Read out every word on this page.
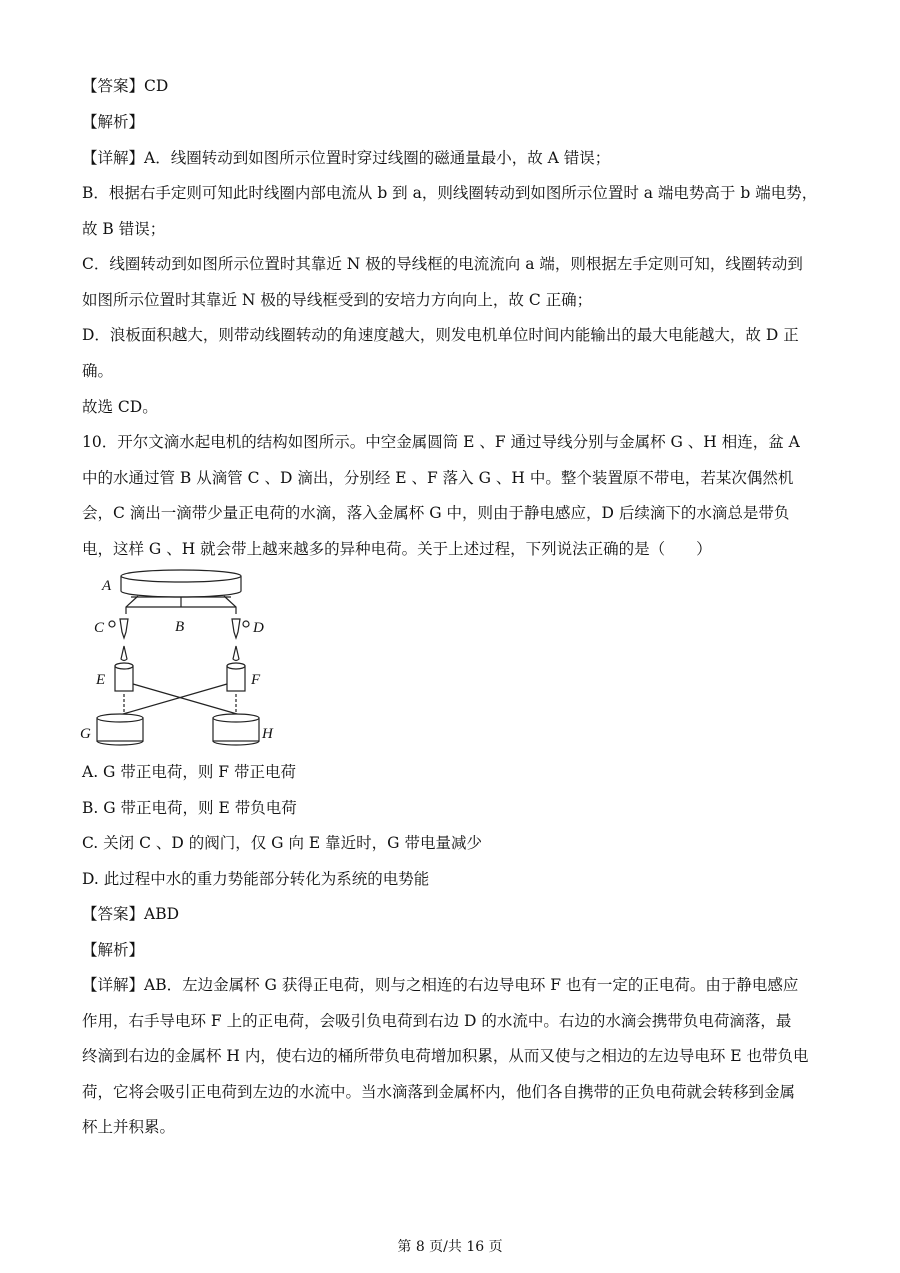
【答案】CD
【解析】
【详解】A．线圈转动到如图所示位置时穿过线圈的磁通量最小，故 A 错误；
B．根据右手定则可知此时线圈内部电流从 b 到 a，则线圈转动到如图所示位置时 a 端电势高于 b 端电势，
故 B 错误；
C．线圈转动到如图所示位置时其靠近 N 极的导线框的电流流向 a 端，则根据左手定则可知，线圈转动到
如图所示位置时其靠近 N 极的导线框受到的安培力方向向上，故 C 正确；
D．浪板面积越大，则带动线圈转动的角速度越大，则发电机单位时间内能输出的最大电能越大，故 D 正
确。
故选 CD。
10．开尔文滴水起电机的结构如图所示。中空金属圆筒 E 、F 通过导线分别与金属杯 G 、H 相连，盆 A
中的水通过管 B 从滴管 C 、D 滴出，分别经 E 、F 落入 G 、H 中。整个装置原不带电，若某次偶然机
会，C 滴出一滴带少量正电荷的水滴，落入金属杯 G 中，则由于静电感应，D 后续滴下的水滴总是带负
电，这样 G 、H 就会带上越来越多的异种电荷。关于上述过程，下列说法正确的是（　　）
A
B
C	D
E	F
G	H
A. G 带正电荷，则 F 带正电荷
B. G 带正电荷，则 E 带负电荷
C. 关闭 C 、D 的阀门，仅 G 向 E 靠近时，G 带电量减少
D. 此过程中水的重力势能部分转化为系统的电势能
【答案】ABD
【解析】
【详解】AB．左边金属杯 G 获得正电荷，则与之相连的右边导电环 F 也有一定的正电荷。由于静电感应
作用，右手导电环 F 上的正电荷，会吸引负电荷到右边 D 的水流中。右边的水滴会携带负电荷滴落，最
终滴到右边的金属杯 H 内，使右边的桶所带负电荷增加积累，从而又使与之相边的左边导电环 E 也带负电
荷，它将会吸引正电荷到左边的水流中。当水滴落到金属杯内，他们各自携带的正负电荷就会转移到金属
杯上并积累。
第 8 页/共 16 页
